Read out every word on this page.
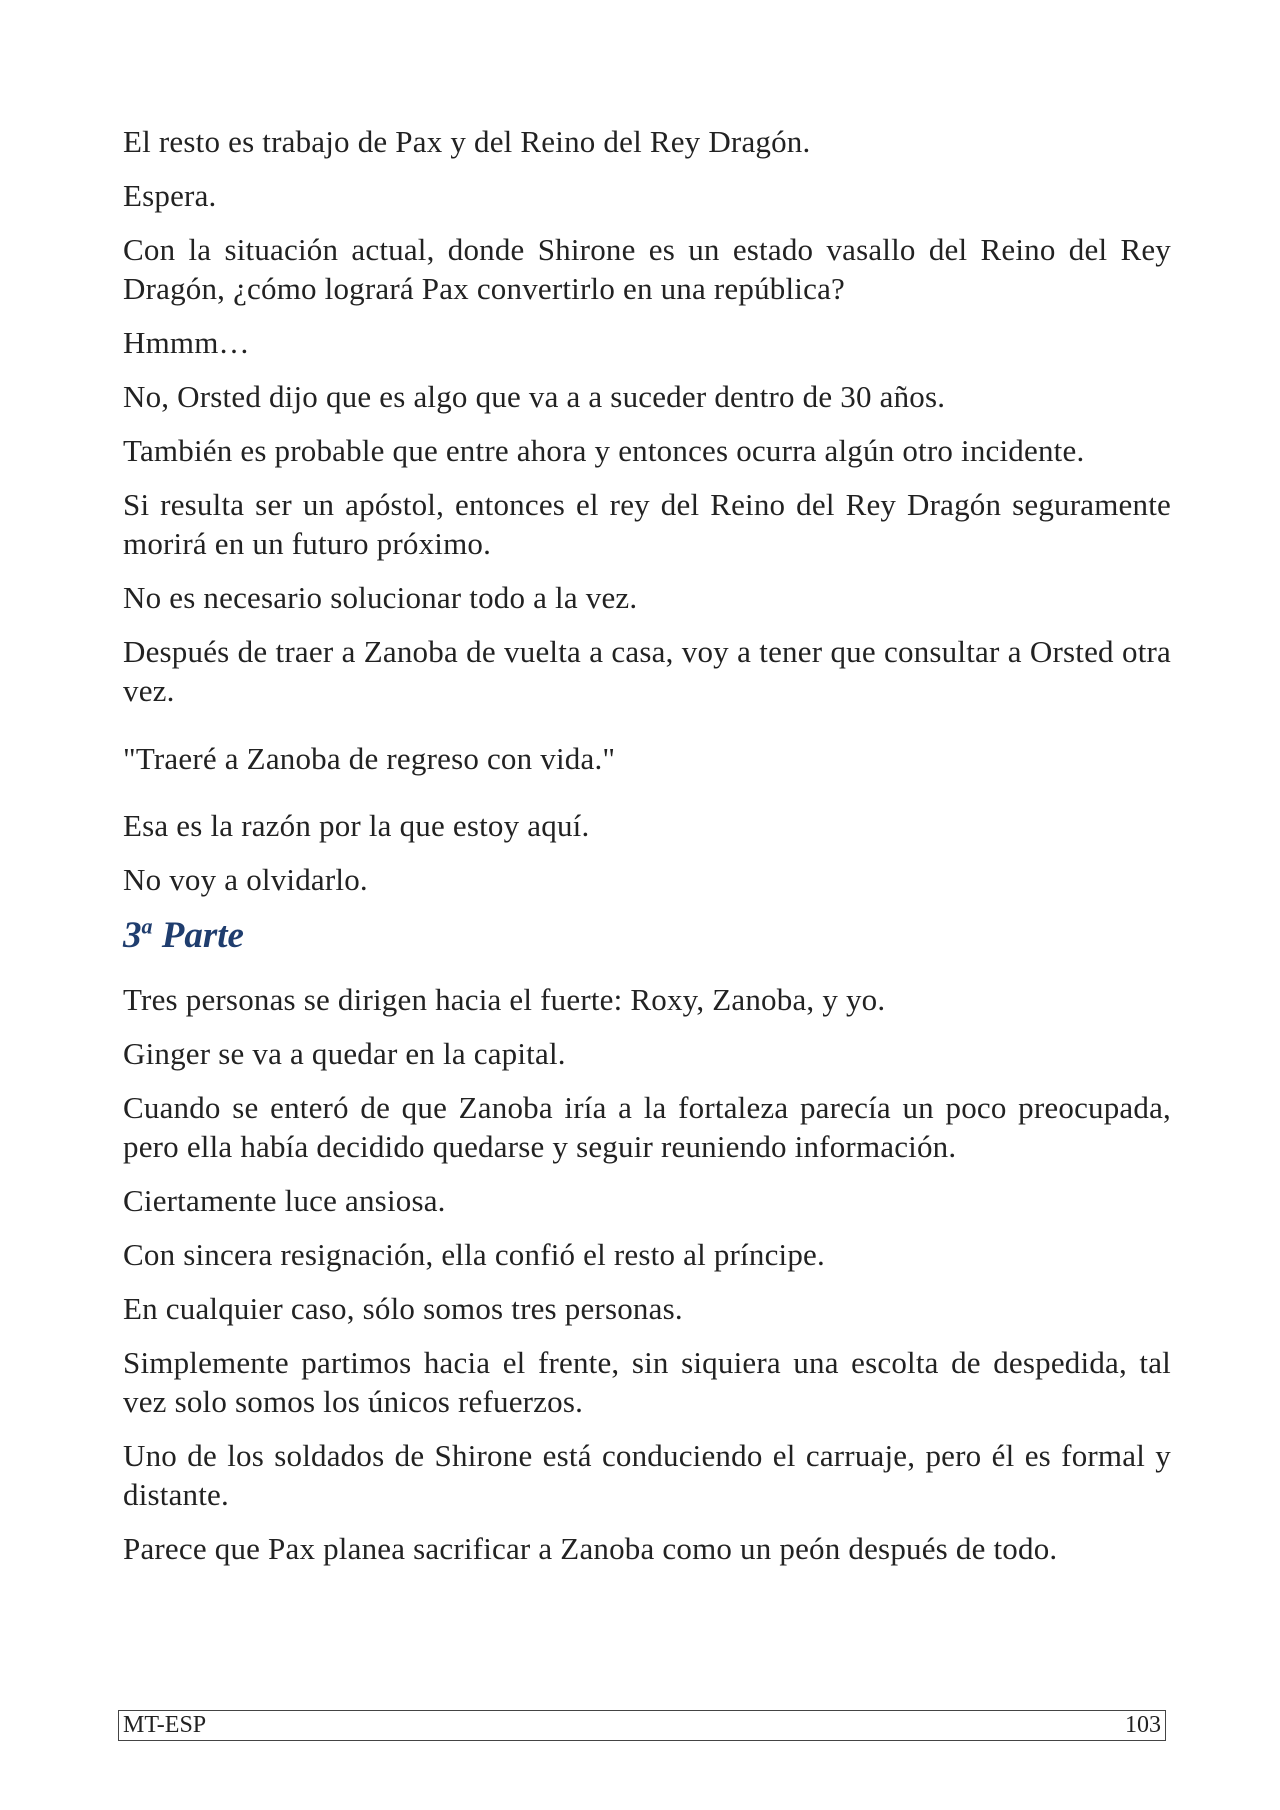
El resto es trabajo de Pax y del Reino del Rey Dragón.

Espera.

Con la situación actual, donde Shirone es un estado vasallo del Reino del Rey Dragón, ¿cómo logrará Pax convertirlo en una república?

Hmmm…

No, Orsted dijo que es algo que va a a suceder dentro de 30 años.

También es probable que entre ahora y entonces ocurra algún otro incidente.

Si resulta ser un apóstol, entonces el rey del Reino del Rey Dragón seguramente morirá en un futuro próximo.

No es necesario solucionar todo a la vez.

Después de traer a Zanoba de vuelta a casa, voy a tener que consultar a Orsted otra vez.

"Traeré a Zanoba de regreso con vida."

Esa es la razón por la que estoy aquí.

No voy a olvidarlo.

3$^a$ Parte

Tres personas se dirigen hacia el fuerte: Roxy, Zanoba, y yo.

Ginger se va a quedar en la capital.

Cuando se enteró de que Zanoba iría a la fortaleza parecía un poco preocupada, pero ella había decidido quedarse y seguir reuniendo información.

Ciertamente luce ansiosa.

Con sincera resignación, ella confió el resto al príncipe.

En cualquier caso, sólo somos tres personas.

Simplemente partimos hacia el frente, sin siquiera una escolta de despedida, tal vez solo somos los únicos refuerzos.

Uno de los soldados de Shirone está conduciendo el carruaje, pero él es formal y distante.

Parece que Pax planea sacrificar a Zanoba como un peón después de todo.

MT-ESP	103
